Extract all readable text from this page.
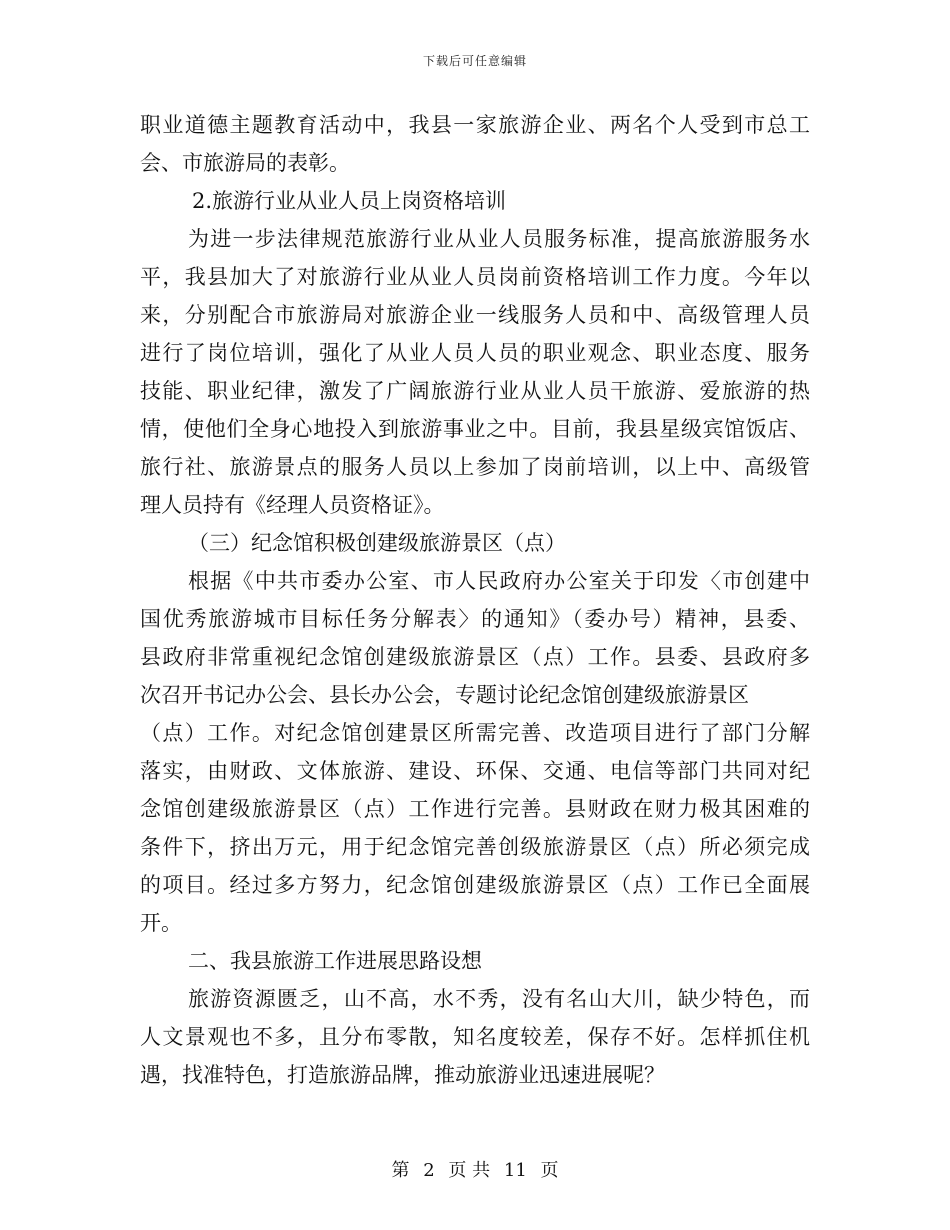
下载后可任意编辑
职业道德主题教育活动中，我县一家旅游企业、两名个人受到市总工
会、市旅游局的表彰。
2.旅游行业从业人员上岗资格培训
为进一步法律规范旅游行业从业人员服务标准，提高旅游服务水
平，我县加大了对旅游行业从业人员岗前资格培训工作力度。今年以
来，分别配合市旅游局对旅游企业一线服务人员和中、高级管理人员
进行了岗位培训，强化了从业人员人员的职业观念、职业态度、服务
技能、职业纪律，激发了广阔旅游行业从业人员干旅游、爱旅游的热
情，使他们全身心地投入到旅游事业之中。目前，我县星级宾馆饭店、
旅行社、旅游景点的服务人员以上参加了岗前培训，以上中、高级管
理人员持有《经理人员资格证》。
（三）纪念馆积极创建级旅游景区（点）
根据《中共市委办公室、市人民政府办公室关于印发〈市创建中
国优秀旅游城市目标任务分解表〉的通知》（委办号）精神，县委、
县政府非常重视纪念馆创建级旅游景区（点）工作。县委、县政府多
次召开书记办公会、县长办公会，专题讨论纪念馆创建级旅游景区
（点）工作。对纪念馆创建景区所需完善、改造项目进行了部门分解
落实，由财政、文体旅游、建设、环保、交通、电信等部门共同对纪
念馆创建级旅游景区（点）工作进行完善。县财政在财力极其困难的
条件下，挤出万元，用于纪念馆完善创级旅游景区（点）所必须完成
的项目。经过多方努力，纪念馆创建级旅游景区（点）工作已全面展
开。
二、我县旅游工作进展思路设想
旅游资源匮乏，山不高，水不秀，没有名山大川，缺少特色，而
人文景观也不多，且分布零散，知名度较差，保存不好。怎样抓住机
遇，找准特色，打造旅游品牌，推动旅游业迅速进展呢？
第 2 页 共 11 页
